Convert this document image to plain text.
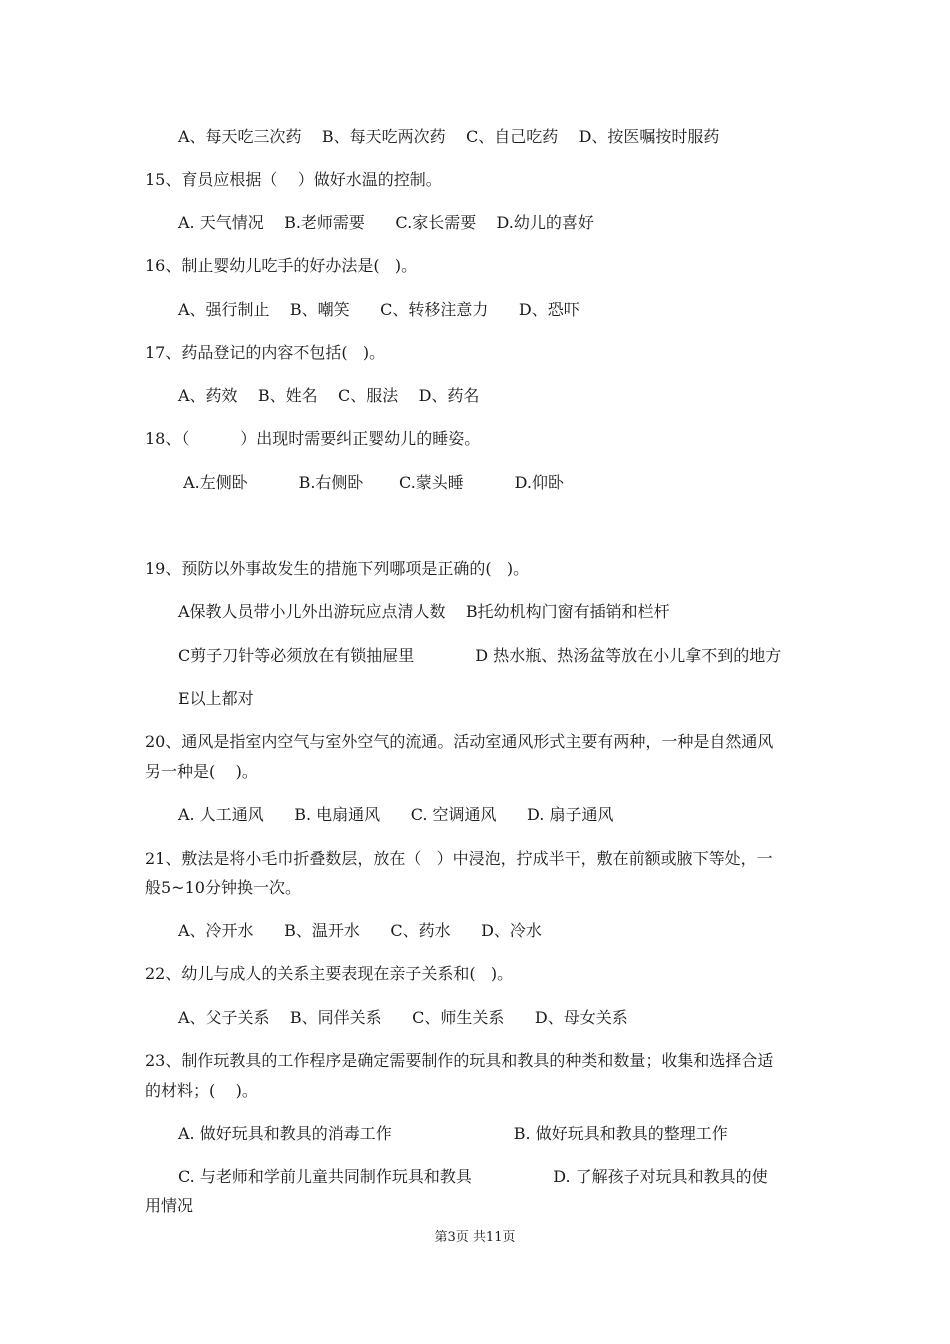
A、每天吃三次药    B、每天吃两次药    C、自己吃药    D、按医嘱按时服药
15、育员应根据（    ）做好水温的控制。
A. 天气情况    B.老师需要      C.家长需要    D.幼儿的喜好
16、制止婴幼儿吃手的好办法是(   )。
A、强行制止    B、嘲笑      C、转移注意力      D、恐吓
17、药品登记的内容不包括(   )。
A、药效    B、姓名    C、服法    D、药名
18、（          ）出现时需要纠正婴幼儿的睡姿。
A.左侧卧          B.右侧卧       C.蒙头睡          D.仰卧
19、预防以外事故发生的措施下列哪项是正确的(   )。
A保教人员带小儿外出游玩应点清人数    B托幼机构门窗有插销和栏杆
C剪子刀针等必须放在有锁抽屉里            D 热水瓶、热汤盆等放在小儿拿不到的地方
E以上都对
20、通风是指室内空气与室外空气的流通。活动室通风形式主要有两种，一种是自然通风
另一种是(    )。
A. 人工通风      B. 电扇通风      C. 空调通风      D. 扇子通风
21、敷法是将小毛巾折叠数层，放在（   ）中浸泡，拧成半干，敷在前额或腋下等处，一
般5~10分钟换一次。
A、冷开水      B、温开水      C、药水      D、冷水
22、幼儿与成人的关系主要表现在亲子关系和(   )。
A、父子关系    B、同伴关系      C、师生关系      D、母女关系
23、制作玩教具的工作程序是确定需要制作的玩具和教具的种类和数量；收集和选择合适
的材料；(    )。
A. 做好玩具和教具的消毒工作                        B. 做好玩具和教具的整理工作
C. 与老师和学前儿童共同制作玩具和教具                D. 了解孩子对玩具和教具的使
用情况
第3页 共11页
